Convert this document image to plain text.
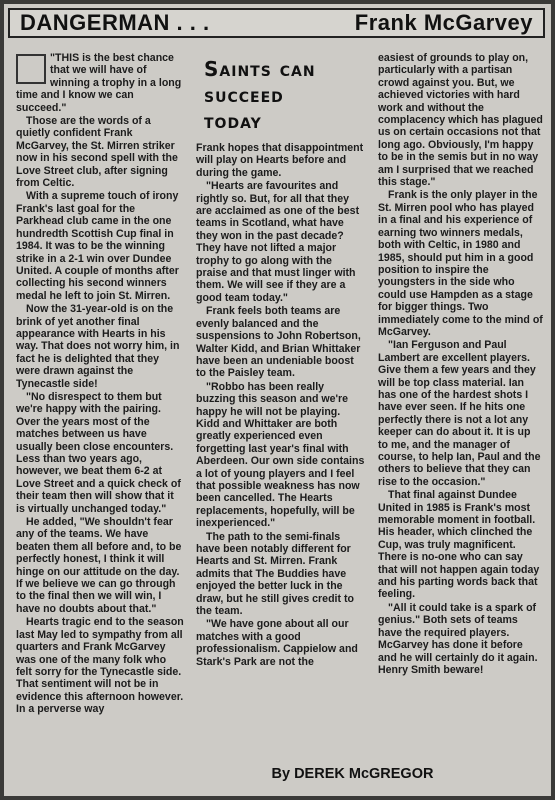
DANGERMAN . . .	Frank McGarvey

"THIS is the best chance that we will have of winning a trophy in a long time and I know we can succeed."

Those are the words of a quietly confident Frank McGarvey, the St. Mirren striker now in his second spell with the Love Street club, after signing from Celtic.

With a supreme touch of irony Frank's last goal for the Parkhead club came in the one hundredth Scottish Cup final in 1984. It was to be the winning strike in a 2-1 win over Dundee United. A couple of months after collecting his second winners medal he left to join St. Mirren.

Now the 31-year-old is on the brink of yet another final appearance with Hearts in his way. That does not worry him, in fact he is delighted that they were drawn against the Tynecastle side!

"No disrespect to them but we're happy with the pairing. Over the years most of the matches between us have usually been close encounters. Less than two years ago, however, we beat them 6-2 at Love Street and a quick check of their team then will show that it is virtually unchanged today."

He added, "We shouldn't fear any of the teams. We have beaten them all before and, to be perfectly honest, I think it will hinge on our attitude on the day. If we believe we can go through to the final then we will win, I have no doubts about that."

Hearts tragic end to the season last May led to sympathy from all quarters and Frank McGarvey was one of the many folk who felt sorry for the Tynecastle side. That sentiment will not be in evidence this afternoon however. In a perverse way

Saints can
succeed
today

Frank hopes that disappointment will play on Hearts before and during the game.

"Hearts are favourites and rightly so. But, for all that they are acclaimed as one of the best teams in Scotland, what have they won in the past decade? They have not lifted a major trophy to go along with the praise and that must linger with them. We will see if they are a good team today."

Frank feels both teams are evenly balanced and the suspensions to John Robertson, Walter Kidd, and Brian Whittaker have been an undeniable boost to the Paisley team.

"Robbo has been really buzzing this season and we're happy he will not be playing. Kidd and Whittaker are both greatly experienced even forgetting last year's final with Aberdeen. Our own side contains a lot of young players and I feel that possible weakness has now been cancelled. The Hearts replacements, hopefully, will be inexperienced."

The path to the semi-finals have been notably different for Hearts and St. Mirren. Frank admits that The Buddies have enjoyed the better luck in the draw, but he still gives credit to the team.

"We have gone about all our matches with a good professionalism. Cappielow and Stark's Park are not the

easiest of grounds to play on, particularly with a partisan crowd against you. But, we achieved victories with hard work and without the complacency which has plagued us on certain occasions not that long ago. Obviously, I'm happy to be in the semis but in no way am I surprised that we reached this stage."

Frank is the only player in the St. Mirren pool who has played in a final and his experience of earning two winners medals, both with Celtic, in 1980 and 1985, should put him in a good position to inspire the youngsters in the side who could use Hampden as a stage for bigger things. Two immediately come to the mind of McGarvey.

"Ian Ferguson and Paul Lambert are excellent players. Give them a few years and they will be top class material. Ian has one of the hardest shots I have ever seen. If he hits one perfectly there is not a lot any keeper can do about it. It is up to me, and the manager of course, to help Ian, Paul and the others to believe that they can rise to the occasion."

That final against Dundee United in 1985 is Frank's most memorable moment in football. His header, which clinched the Cup, was truly magnificent. There is no-one who can say that will not happen again today and his parting words back that feeling.

"All it could take is a spark of genius." Both sets of teams have the required players. McGarvey has done it before and he will certainly do it again. Henry Smith beware!

By DEREK McGREGOR
